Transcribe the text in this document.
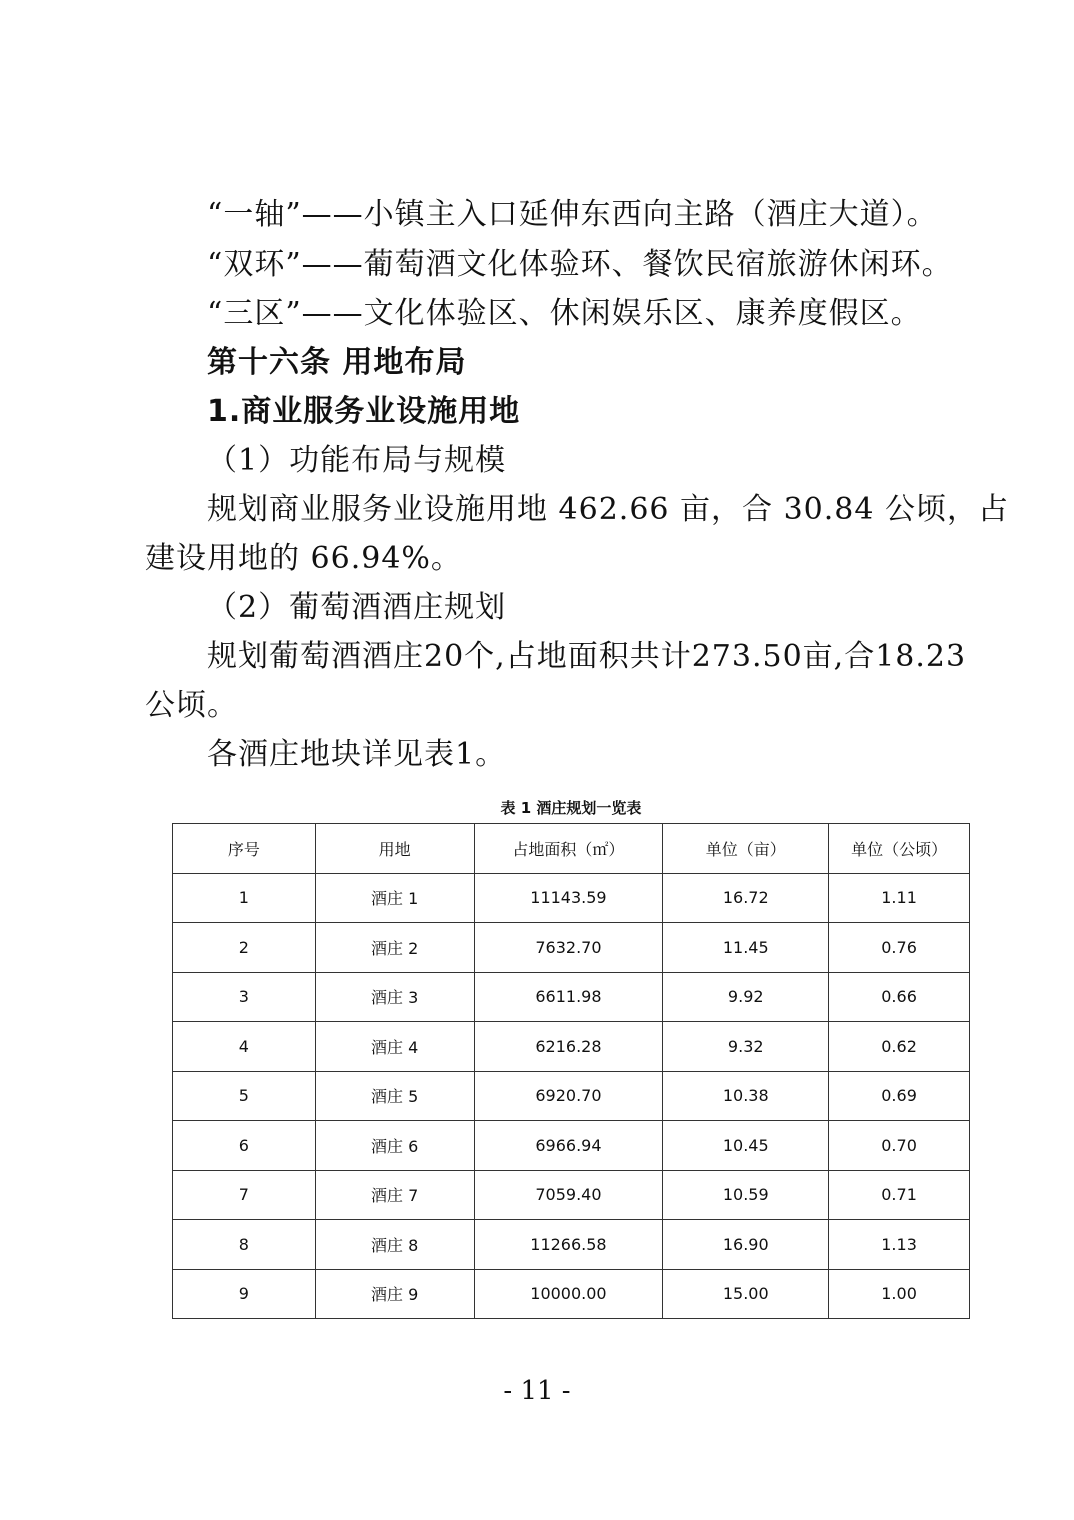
“一轴”——小镇主入口延伸东西向主路（酒庄大道）。
“双环”——葡萄酒文化体验环、餐饮民宿旅游休闲环。
“三区”——文化体验区、休闲娱乐区、康养度假区。
第十六条 用地布局
1.商业服务业设施用地
（1）功能布局与规模
规划商业服务业设施用地 462.66 亩，合 30.84 公顷，占
建设用地的 66.94%。
（2）葡萄酒酒庄规划
规划葡萄酒酒庄20个,占地面积共计273.50亩,合18.23
公顷。
各酒庄地块详见表1。
表 1 酒庄规划一览表
序号	用地	占地面积（㎡）	单位（亩）	单位（公顷）
1	酒庄 1	11143.59	16.72	1.11
2	酒庄 2	7632.70	11.45	0.76
3	酒庄 3	6611.98	9.92	0.66
4	酒庄 4	6216.28	9.32	0.62
5	酒庄 5	6920.70	10.38	0.69
6	酒庄 6	6966.94	10.45	0.70
7	酒庄 7	7059.40	10.59	0.71
8	酒庄 8	11266.58	16.90	1.13
9	酒庄 9	10000.00	15.00	1.00
- 11 -
